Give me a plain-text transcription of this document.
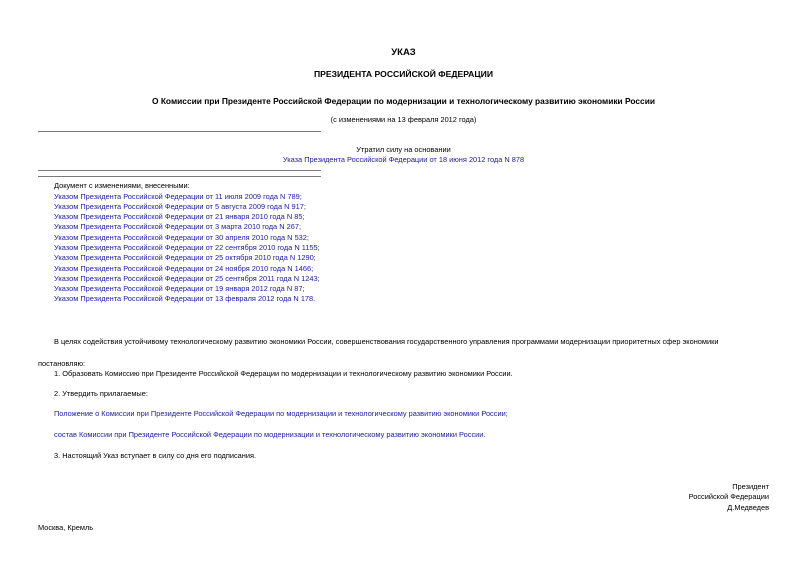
УКАЗ
ПРЕЗИДЕНТА РОССИЙСКОЙ ФЕДЕРАЦИИ
О Комиссии при Президенте Российской Федерации по модернизации и технологическому развитию экономики России
(с изменениями на 13 февраля 2012 года)
Утратил силу на основании
Указа Президента Российской Федерации от 18 июня 2012 года N 878
Документ с изменениями, внесенными:
Указом Президента Российской Федерации от 11 июля 2009 года N 789;
Указом Президента Российской Федерации от 5 августа 2009 года N 917;
Указом Президента Российской Федерации от 21 января 2010 года N 85;
Указом Президента Российской Федерации от 3 марта 2010 года N 267;
Указом Президента Российской Федерации от 30 апреля 2010 года N 532;
Указом Президента Российской Федерации от 22 сентября 2010 года N 1155;
Указом Президента Российской Федерации от 25 октября 2010 года N 1290;
Указом Президента Российской Федерации от 24 ноября 2010 года N 1466;
Указом Президента Российской Федерации от 25 сентября 2011 года N 1243;
Указом Президента Российской Федерации от 19 января 2012 года N 87;
Указом Президента Российской Федерации от 13 февраля 2012 года N 178.
В целях содействия устойчивому технологическому развитию экономики России, совершенствования государственного управления программами модернизации приоритетных сфер экономики
постановляю:
1. Образовать Комиссию при Президенте Российской Федерации по модернизации и технологическому развитию экономики России.
2. Утвердить прилагаемые:
Положение о Комиссии при Президенте Российской Федерации по модернизации и технологическому развитию экономики России;
состав Комиссии при Президенте Российской Федерации по модернизации и технологическому развитию экономики России.
3. Настоящий Указ вступает в силу со дня его подписания.
Президент
Российской Федерации
Д.Медведев
Москва, Кремль
